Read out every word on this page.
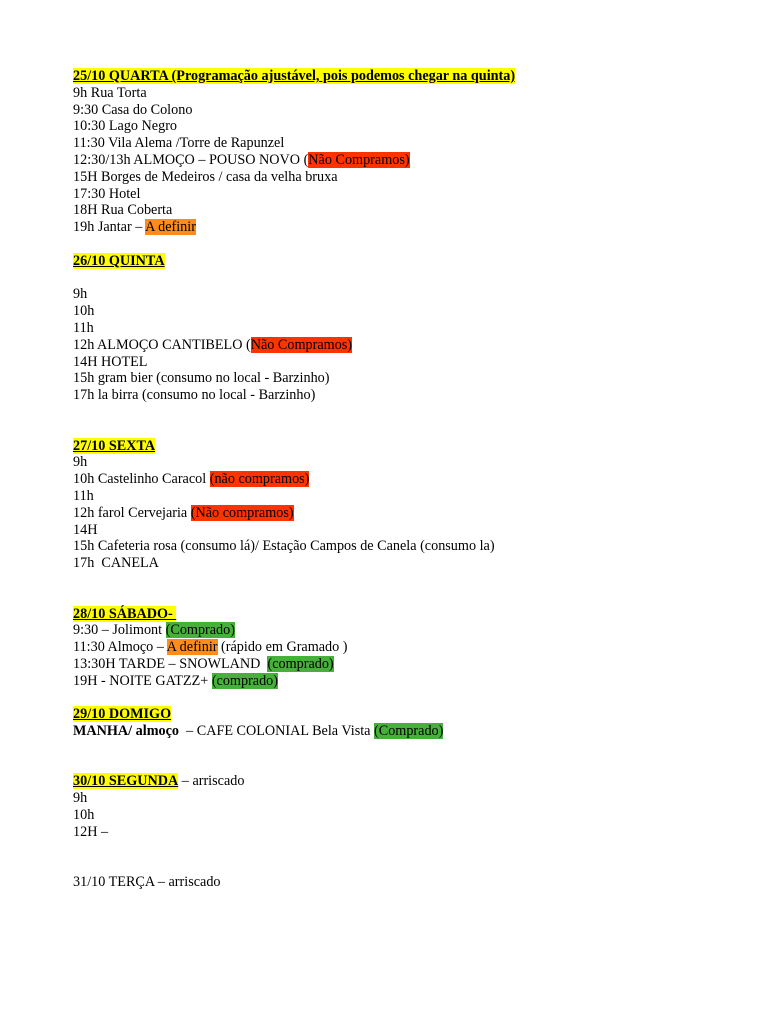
25/10 QUARTA (Programação ajustável, pois podemos chegar na quinta)
9h Rua Torta
9:30 Casa do Colono
10:30 Lago Negro
11:30 Vila Alema /Torre de Rapunzel
12:30/13h ALMOÇO – POUSO NOVO (Não Compramos)
15H Borges de Medeiros / casa da velha bruxa
17:30 Hotel
18H Rua Coberta
19h Jantar – A definir
26/10 QUINTA
9h
10h
11h
12h ALMOÇO CANTIBELO (Não Compramos)
14H HOTEL
15h gram bier (consumo no local - Barzinho)
17h la birra (consumo no local - Barzinho)
27/10 SEXTA
9h
10h Castelinho Caracol (não compramos)
11h
12h farol Cervejaria (Não compramos)
14H
15h Cafeteria rosa (consumo lá)/ Estação Campos de Canela (consumo la)
17h  CANELA
28/10 SÁBADO-
9:30 – Jolimont (Comprado)
11:30 Almoço – A definir (rápido em Gramado )
13:30H TARDE – SNOWLAND  (comprado)
19H - NOITE GATZZ+ (comprado)
29/10 DOMIGO
MANHA/ almoço  – CAFE COLONIAL Bela Vista (Comprado)
30/10 SEGUNDA – arriscado
9h
10h
12H –
31/10 TERÇA – arriscado
